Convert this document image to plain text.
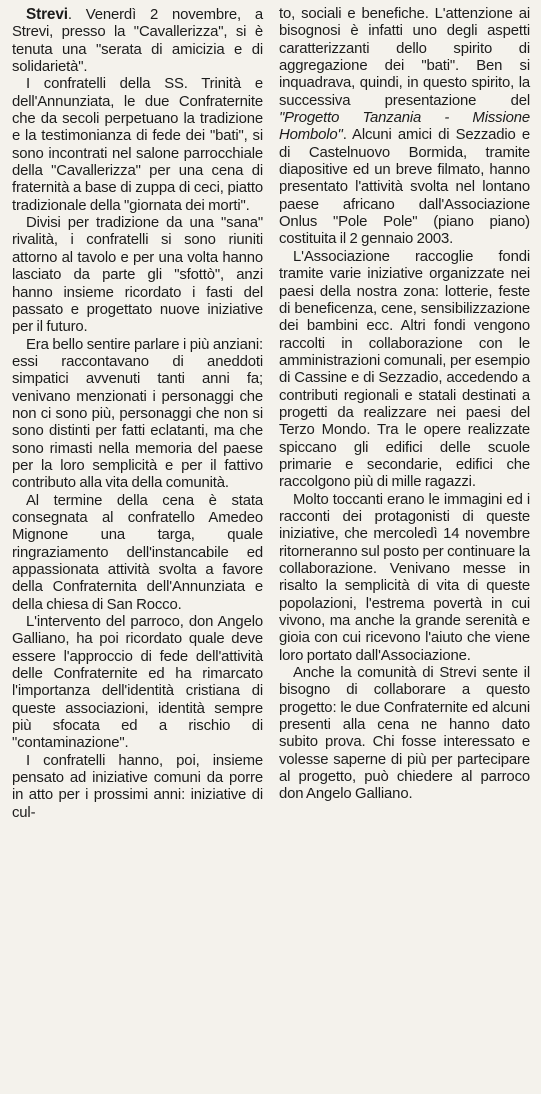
Strevi. Venerdì 2 novembre, a Strevi, presso la "Cavallerizza", si è tenuta una "serata di amicizia e di solidarietà".

I confratelli della SS. Trinità e dell'Annunziata, le due Confraternite che da secoli perpetuano la tradizione e la testimonianza di fede dei "bati", si sono incontrati nel salone parrocchiale della "Cavallerizza" per una cena di fraternità a base di zuppa di ceci, piatto tradizionale della "giornata dei morti".

Divisi per tradizione da una "sana" rivalità, i confratelli si sono riuniti attorno al tavolo e per una volta hanno lasciato da parte gli "sfottò", anzi hanno insieme ricordato i fasti del passato e progettato nuove iniziative per il futuro.

Era bello sentire parlare i più anziani: essi raccontavano di aneddoti simpatici avvenuti tanti anni fa; venivano menzionati i personaggi che non ci sono più, personaggi che non si sono distinti per fatti eclatanti, ma che sono rimasti nella memoria del paese per la loro semplicità e per il fattivo contributo alla vita della comunità.

Al termine della cena è stata consegnata al confratello Amedeo Mignone una targa, quale ringraziamento dell'instancabile ed appassionata attività svolta a favore della Confraternita dell'Annunziata e della chiesa di San Rocco.

L'intervento del parroco, don Angelo Galliano, ha poi ricordato quale deve essere l'approccio di fede dell'attività delle Confraternite ed ha rimarcato l'importanza dell'identità cristiana di queste associazioni, identità sempre più sfocata ed a rischio di "contaminazione".

I confratelli hanno, poi, insieme pensato ad iniziative comuni da porre in atto per i prossimi anni: iniziative di cul-

to, sociali e benefiche. L'attenzione ai bisognosi è infatti uno degli aspetti caratterizzanti dello spirito di aggregazione dei "bati". Ben si inquadrava, quindi, in questo spirito, la successiva presentazione del "Progetto Tanzania - Missione Hombolo". Alcuni amici di Sezzadio e di Castelnuovo Bormida, tramite diapositive ed un breve filmato, hanno presentato l'attività svolta nel lontano paese africano dall'Associazione Onlus "Pole Pole" (piano piano) costituita il 2 gennaio 2003.

L'Associazione raccoglie fondi tramite varie iniziative organizzate nei paesi della nostra zona: lotterie, feste di beneficenza, cene, sensibilizzazione dei bambini ecc. Altri fondi vengono raccolti in collaborazione con le amministrazioni comunali, per esempio di Cassine e di Sezzadio, accedendo a contributi regionali e statali destinati a progetti da realizzare nei paesi del Terzo Mondo. Tra le opere realizzate spiccano gli edifici delle scuole primarie e secondarie, edifici che raccolgono più di mille ragazzi.

Molto toccanti erano le immagini ed i racconti dei protagonisti di queste iniziative, che mercoledì 14 novembre ritorneranno sul posto per continuare la collaborazione. Venivano messe in risalto la semplicità di vita di queste popolazioni, l'estrema povertà in cui vivono, ma anche la grande serenità e gioia con cui ricevono l'aiuto che viene loro portato dall'Associazione.

Anche la comunità di Strevi sente il bisogno di collaborare a questo progetto: le due Confraternite ed alcuni presenti alla cena ne hanno dato subito prova. Chi fosse interessato e volesse saperne di più per partecipare al progetto, può chiedere al parroco don Angelo Galliano.
